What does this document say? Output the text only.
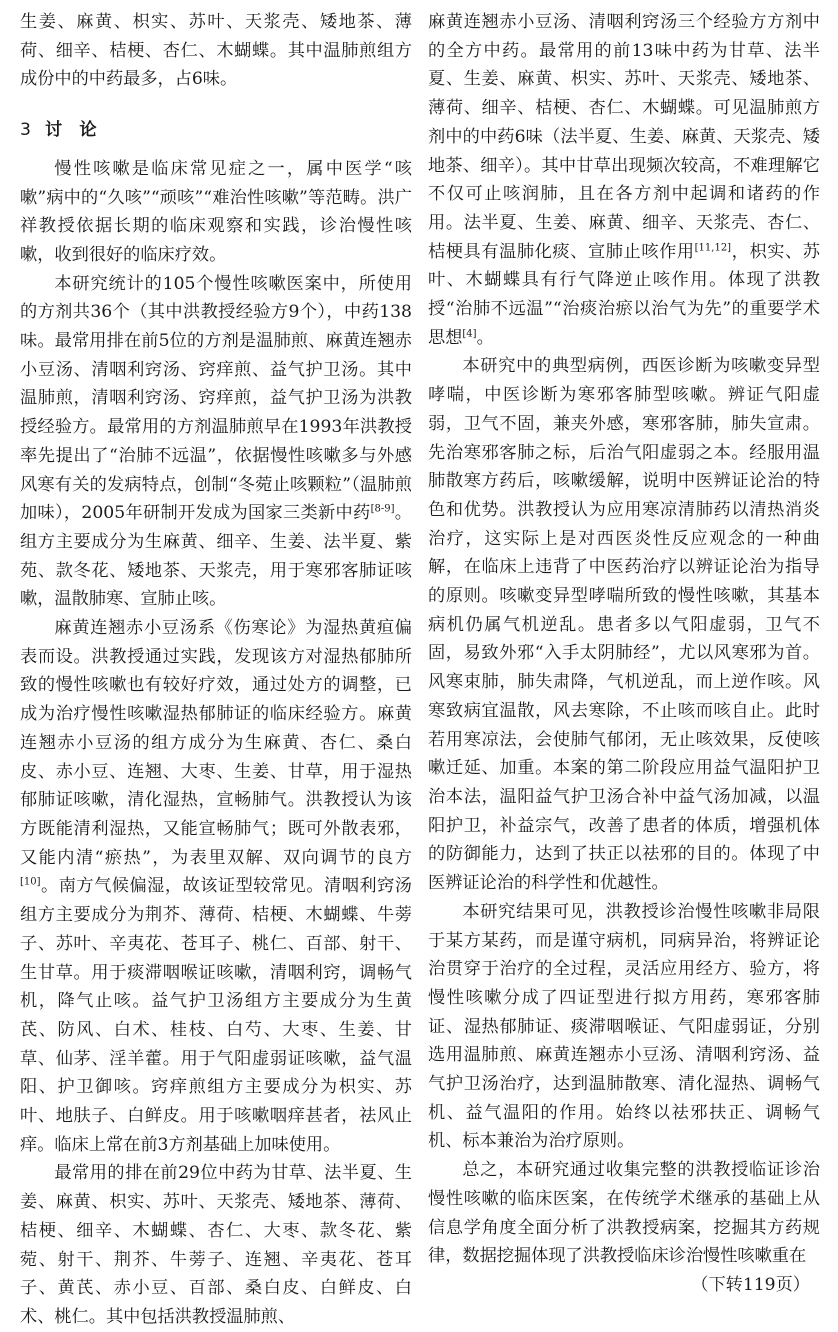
生姜、麻黄、枳实、苏叶、天浆壳、矮地茶、薄荷、细辛、桔梗、杏仁、木蝴蝶。其中温肺煎组方成份中的中药最多，占6味。

3 讨　论

慢性咳嗽是临床常见症之一，属中医学“咳嗽”病中的“久咳”“顽咳”“难治性咳嗽”等范畴。洪广祥教授依据长期的临床观察和实践，诊治慢性咳嗽，收到很好的临床疗效。

本研究统计的105个慢性咳嗽医案中，所使用的方剂共36个（其中洪教授经验方9个），中药138味。最常用排在前5位的方剂是温肺煎、麻黄连翘赤小豆汤、清咽利窍汤、窍痒煎、益气护卫汤。其中温肺煎，清咽利窍汤、窍痒煎，益气护卫汤为洪教授经验方。最常用的方剂温肺煎早在1993年洪教授率先提出了“治肺不远温”，依据慢性咳嗽多与外感风寒有关的发病特点，创制“冬菀止咳颗粒”（温肺煎加味），2005年研制开发成为国家三类新中药[8-9]。组方主要成分为生麻黄、细辛、生姜、法半夏、紫苑、款冬花、矮地茶、天浆壳，用于寒邪客肺证咳嗽，温散肺寒、宣肺止咳。

麻黄连翘赤小豆汤系《伤寒论》为湿热黄疸偏表而设。洪教授通过实践，发现该方对湿热郁肺所致的慢性咳嗽也有较好疗效，通过处方的调整，已成为治疗慢性咳嗽湿热郁肺证的临床经验方。麻黄连翘赤小豆汤的组方成分为生麻黄、杏仁、桑白皮、赤小豆、连翘、大枣、生姜、甘草，用于湿热郁肺证咳嗽，清化湿热，宣畅肺气。洪教授认为该方既能清利湿热，又能宣畅肺气；既可外散表邪，又能内清“瘀热”，为表里双解、双向调节的良方[10]。南方气候偏湿，故该证型较常见。清咽利窍汤组方主要成分为荆芥、薄荷、桔梗、木蝴蝶、牛蒡子、苏叶、辛夷花、苍耳子、桃仁、百部、射干、生甘草。用于痰滞咽喉证咳嗽，清咽利窍，调畅气机，降气止咳。益气护卫汤组方主要成分为生黄芪、防风、白术、桂枝、白芍、大枣、生姜、甘草、仙茅、淫羊藿。用于气阳虚弱证咳嗽，益气温阳、护卫御咳。窍痒煎组方主要成分为枳实、苏叶、地肤子、白鲜皮。用于咳嗽咽痒甚者，祛风止痒。临床上常在前3方剂基础上加味使用。

最常用的排在前29位中药为甘草、法半夏、生姜、麻黄、枳实、苏叶、天浆壳、矮地茶、薄荷、桔梗、细辛、木蝴蝶、杏仁、大枣、款冬花、紫菀、射干、荆芥、牛蒡子、连翘、辛夷花、苍耳子、黄芪、赤小豆、百部、桑白皮、白鲜皮、白术、桃仁。其中包括洪教授温肺煎、

麻黄连翘赤小豆汤、清咽利窍汤三个经验方方剂中的全方中药。最常用的前13味中药为甘草、法半夏、生姜、麻黄、枳实、苏叶、天浆壳、矮地茶、薄荷、细辛、桔梗、杏仁、木蝴蝶。可见温肺煎方剂中的中药6味（法半夏、生姜、麻黄、天浆壳、矮地茶、细辛）。其中甘草出现频次较高，不难理解它不仅可止咳润肺，且在各方剂中起调和诸药的作用。法半夏、生姜、麻黄、细辛、天浆壳、杏仁、桔梗具有温肺化痰、宣肺止咳作用[11,12]，枳实、苏叶、木蝴蝶具有行气降逆止咳作用。体现了洪教授“治肺不远温”“治痰治瘀以治气为先”的重要学术思想[4]。

本研究中的典型病例，西医诊断为咳嗽变异型哮喘，中医诊断为寒邪客肺型咳嗽。辨证气阳虚弱，卫气不固，兼夹外感，寒邪客肺，肺失宣肃。先治寒邪客肺之标，后治气阳虚弱之本。经服用温肺散寒方药后，咳嗽缓解，说明中医辨证论治的特色和优势。洪教授认为应用寒凉清肺药以清热消炎治疗，这实际上是对西医炎性反应观念的一种曲解，在临床上违背了中医药治疗以辨证论治为指导的原则。咳嗽变异型哮喘所致的慢性咳嗽，其基本病机仍属气机逆乱。患者多以气阳虚弱，卫气不固，易致外邪“入手太阴肺经”，尤以风寒邪为首。风寒束肺，肺失肃降，气机逆乱，而上逆作咳。风寒致病宜温散，风去寒除，不止咳而咳自止。此时若用寒凉法，会使肺气郁闭，无止咳效果，反使咳嗽迁延、加重。本案的第二阶段应用益气温阳护卫治本法，温阳益气护卫汤合补中益气汤加减，以温阳护卫，补益宗气，改善了患者的体质，增强机体的防御能力，达到了扶正以祛邪的目的。体现了中医辨证论治的科学性和优越性。

本研究结果可见，洪教授诊治慢性咳嗽非局限于某方某药，而是谨守病机，同病异治，将辨证论治贯穿于治疗的全过程，灵活应用经方、验方，将慢性咳嗽分成了四证型进行拟方用药，寒邪客肺证、湿热郁肺证、痰滞咽喉证、气阳虚弱证，分别选用温肺煎、麻黄连翘赤小豆汤、清咽利窍汤、益气护卫汤治疗，达到温肺散寒、清化湿热、调畅气机、益气温阳的作用。始终以祛邪扶正、调畅气机、标本兼治为治疗原则。

总之，本研究通过收集完整的洪教授临证诊治慢性咳嗽的临床医案，在传统学术继承的基础上从信息学角度全面分析了洪教授病案，挖掘其方药规律，数据挖掘体现了洪教授临床诊治慢性咳嗽重在

（下转119页）
